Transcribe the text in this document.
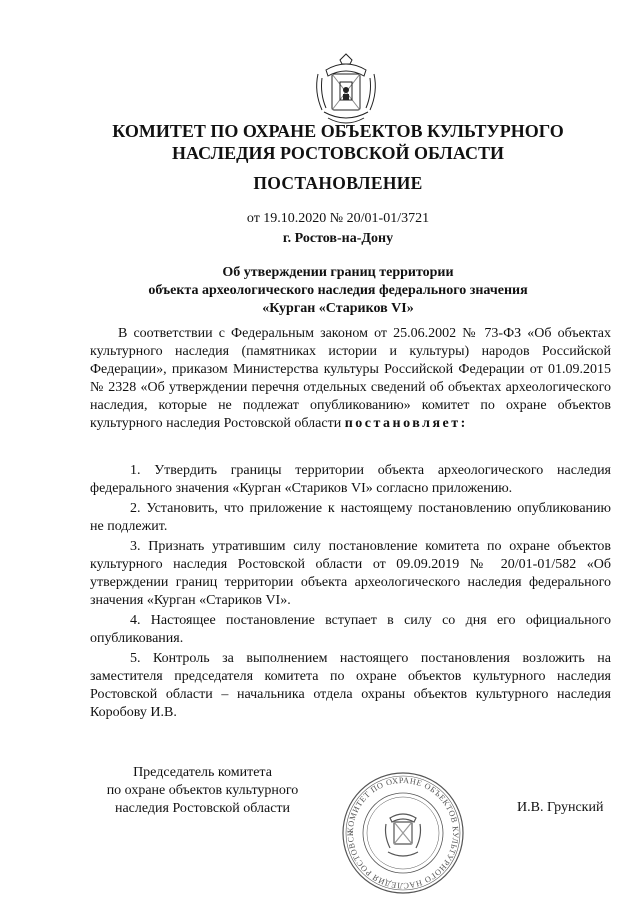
КОМИТЕТ ПО ОХРАНЕ ОБЪЕКТОВ КУЛЬТУРНОГО
НАСЛЕДИЯ РОСТОВСКОЙ ОБЛАСТИ
ПОСТАНОВЛЕНИЕ
от 19.10.2020 № 20/01-01/3721
г. Ростов-на-Дону
Об утверждении границ территории
объекта археологического наследия федерального значения
«Курган «Стариков VI»
В соответствии с Федеральным законом от 25.06.2002 № 73-ФЗ «Об объектах культурного наследия (памятниках истории и культуры) народов Российской Федерации», приказом Министерства культуры Российской Федерации от 01.09.2015 № 2328 «Об утверждении перечня отдельных сведений об объектах археологического наследия, которые не подлежат опубликованию» комитет по охране объектов культурного наследия Ростовской области постановляет:
1. Утвердить границы территории объекта археологического наследия федерального значения «Курган «Стариков VI» согласно приложению.
2. Установить, что приложение к настоящему постановлению опубликованию не подлежит.
3. Признать утратившим силу постановление комитета по охране объектов культурного наследия Ростовской области от 09.09.2019 № 20/01-01/582 «Об утверждении границ территории объекта археологического наследия федерального значения «Курган «Стариков VI».
4. Настоящее постановление вступает в силу со дня его официального опубликования.
5. Контроль за выполнением настоящего постановления возложить на заместителя председателя комитета по охране объектов культурного наследия Ростовской области – начальника отдела охраны объектов культурного наследия Коробову И.В.
Председатель комитета
по охране объектов культурного
наследия Ростовской области
КОМИТЕТ ПО ОХРАНЕ ОБЪЕКТОВ КУЛЬТУРНОГО НАСЛЕДИЯ РОСТОВСК
И.В. Грунский
